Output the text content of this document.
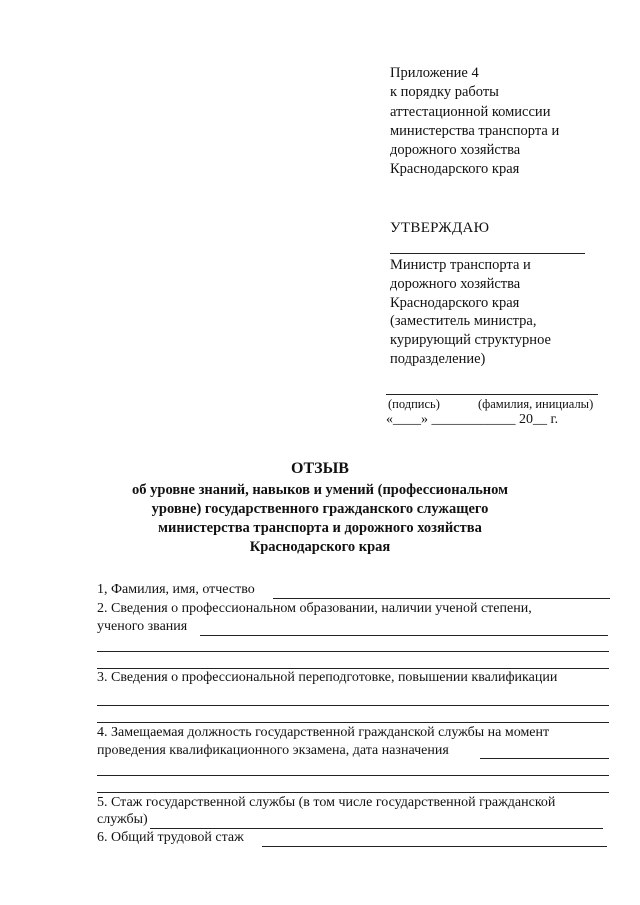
Приложение 4
к порядку работы
аттестационной комиссии
министерства транспорта и
дорожного хозяйства
Краснодарского края
УТВЕРЖДАЮ
Министр транспорта и
дорожного хозяйства
Краснодарского края
(заместитель министра,
курирующий структурное
подразделение)
(подпись)	(фамилия, инициалы)
«____» ____________ 20__ г.
ОТЗЫВ
об уровне знаний, навыков и умений (профессиональном
уровне) государственного гражданского служащего
министерства транспорта и дорожного хозяйства
Краснодарского края
1, Фамилия, имя, отчество
2. Сведения о профессиональном образовании, наличии ученой степени,
ученого звания
3. Сведения о профессиональной переподготовке, повышении квалификации
4. Замещаемая должность государственной гражданской службы на момент
проведения квалификационного экзамена, дата назначения
5. Стаж государственной службы (в том числе государственной гражданской
службы)
6. Общий трудовой стаж
